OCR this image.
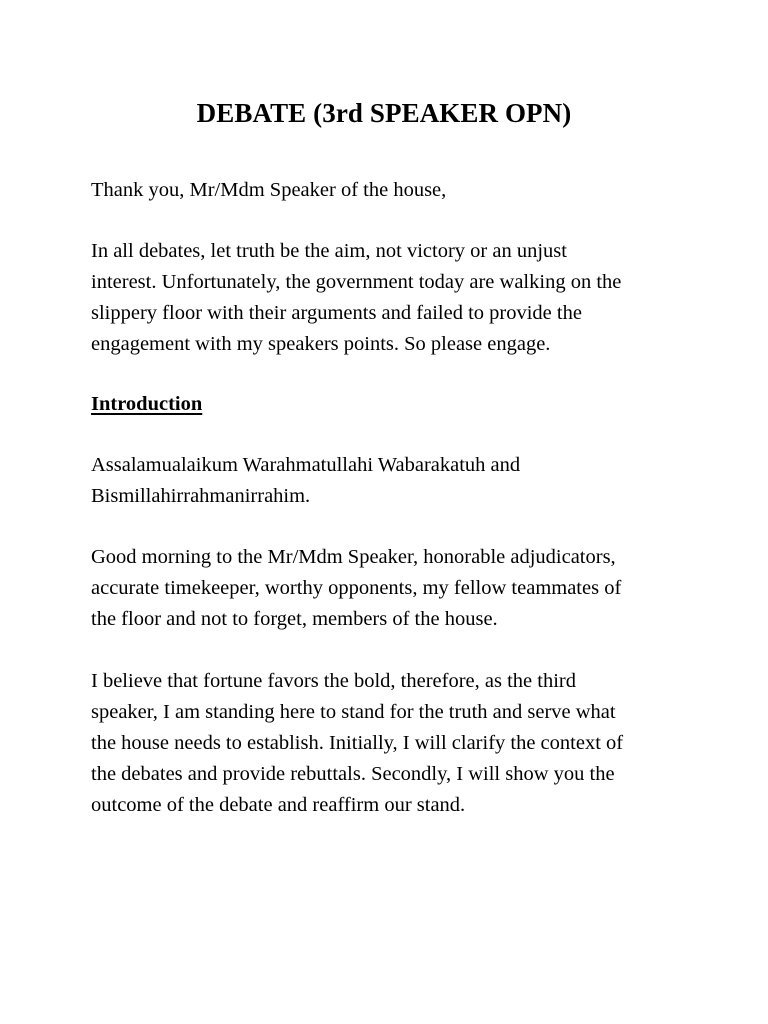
DEBATE (3rd SPEAKER OPN)

Thank you, Mr/Mdm Speaker of the house,

In all debates, let truth be the aim, not victory or an unjust
interest. Unfortunately, the government today are walking on the
slippery floor with their arguments and failed to provide the
engagement with my speakers points. So please engage.

Introduction

Assalamualaikum Warahmatullahi Wabarakatuh and
Bismillahirrahmanirrahim.

Good morning to the Mr/Mdm Speaker, honorable adjudicators,
accurate timekeeper, worthy opponents, my fellow teammates of
the floor and not to forget, members of the house.

I believe that fortune favors the bold, therefore, as the third
speaker, I am standing here to stand for the truth and serve what
the house needs to establish. Initially, I will clarify the context of
the debates and provide rebuttals. Secondly, I will show you the
outcome of the debate and reaffirm our stand.
